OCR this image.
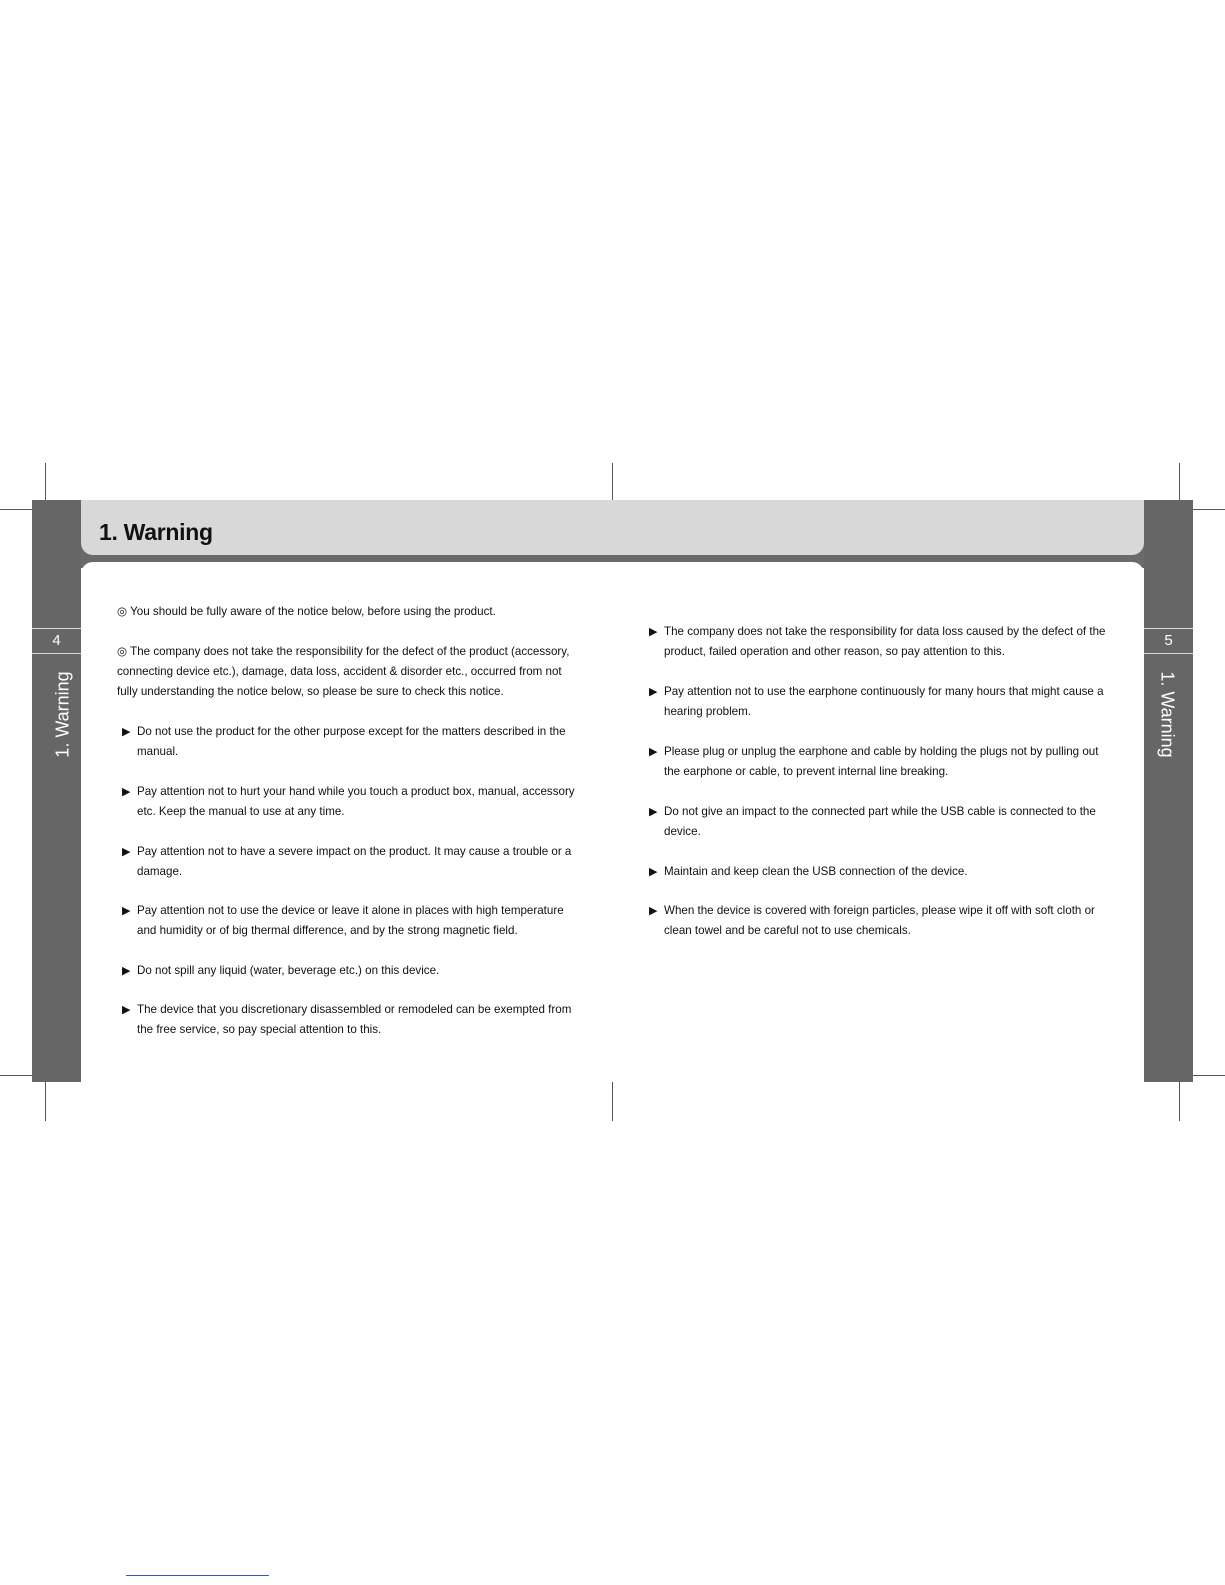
4	5
1. Warning	1. Warning
1. Warning
◎ You should be fully aware of the notice below, before using the product.
◎ The company does not take the responsibility for the defect of the product (accessory, connecting device etc.), damage, data loss, accident & disorder etc., occurred from not fully understanding the notice below, so please be sure to check this notice.
▶ Do not use the product for the other purpose except for the matters described in the manual.
▶ Pay attention not to hurt your hand while you touch a product box, manual, accessory etc. Keep the manual to use at any time.
▶ Pay attention not to have a severe impact on the product. It may cause a trouble or a damage.
▶ Pay attention not to use the device or leave it alone in places with high temperature and humidity or of big thermal difference, and by the strong magnetic field.
▶ Do not spill any liquid (water, beverage etc.) on this device.
▶ The device that you discretionary disassembled or remodeled can be exempted from the free service, so pay special attention to this.
▶ The company does not take the responsibility for data loss caused by the defect of the product, failed operation and other reason, so pay attention to this.
▶ Pay attention not to use the earphone continuously for many hours that might cause a hearing problem.
▶ Please plug or unplug the earphone and cable by holding the plugs not by pulling out the earphone or cable, to prevent internal line breaking.
▶ Do not give an impact to the connected part while the USB cable is connected to the device.
▶ Maintain and keep clean the USB connection of the device.
▶ When the device is covered with foreign particles, please wipe it off with soft cloth or clean towel and be careful not to use chemicals.
